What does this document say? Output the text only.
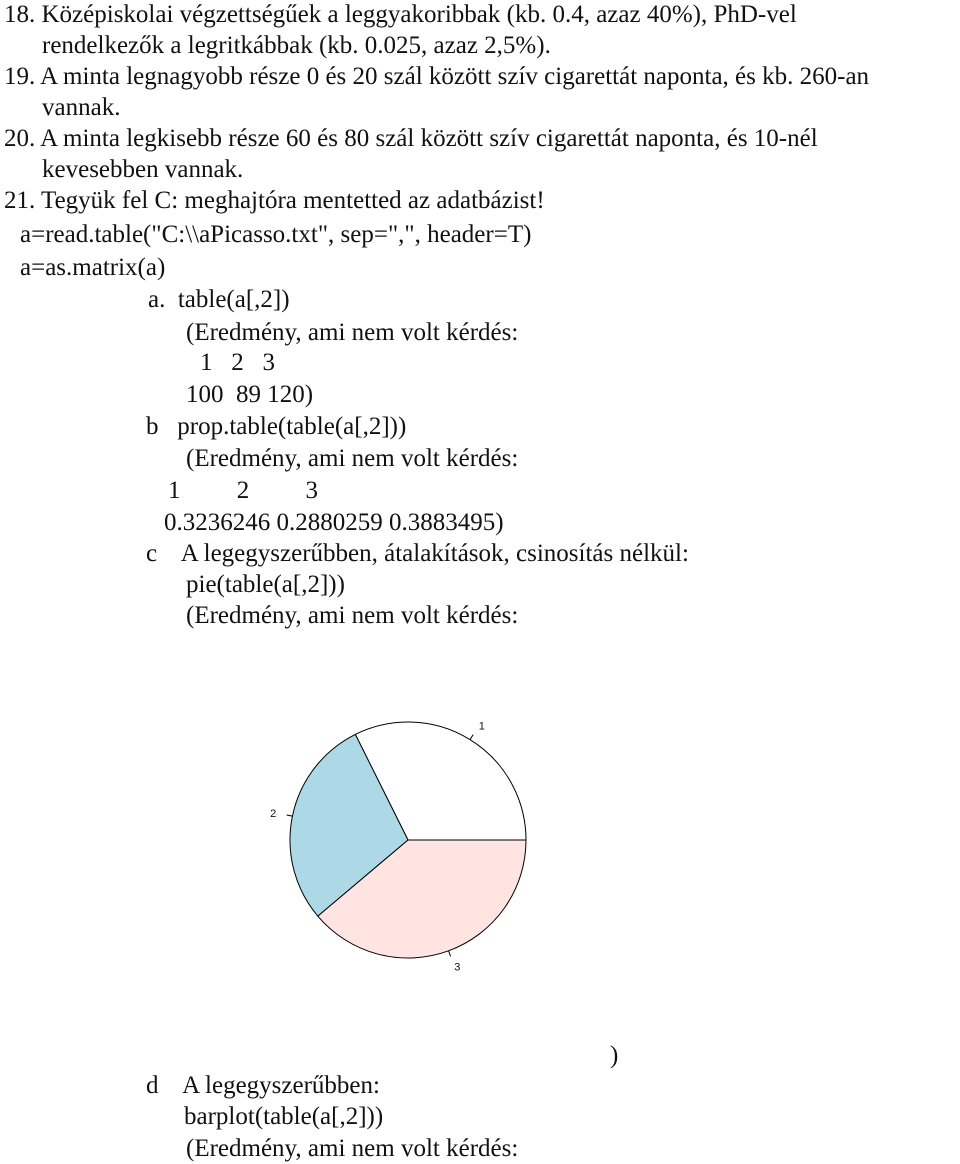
18. Középiskolai végzettségűek a leggyakoribbak (kb. 0.4, azaz 40%), PhD-vel
rendelkezők a legritkábbak (kb. 0.025, azaz 2,5%).
19. A minta legnagyobb része 0 és 20 szál között szív cigarettát naponta, és kb. 260-an
vannak.
20. A minta legkisebb része 60 és 80 szál között szív cigarettát naponta, és 10-nél
kevesebben vannak.
21. Tegyük fel C: meghajtóra mentetted az adatbázist!
a=read.table("C:\\aPicasso.txt", sep=",", header=T)
a=as.matrix(a)
a.  table(a[,2])
(Eredmény, ami nem volt kérdés:
1   2   3
100  89 120)
b   prop.table(table(a[,2]))
(Eredmény, ami nem volt kérdés:
1         2         3
0.3236246 0.2880259 0.3883495)
c    A legegyszerűbben, átalakítások, csinosítás nélkül:
pie(table(a[,2]))
(Eredmény, ami nem volt kérdés:
)
d    A legegyszerűbben:
barplot(table(a[,2]))
(Eredmény, ami nem volt kérdés:
1
2
3
